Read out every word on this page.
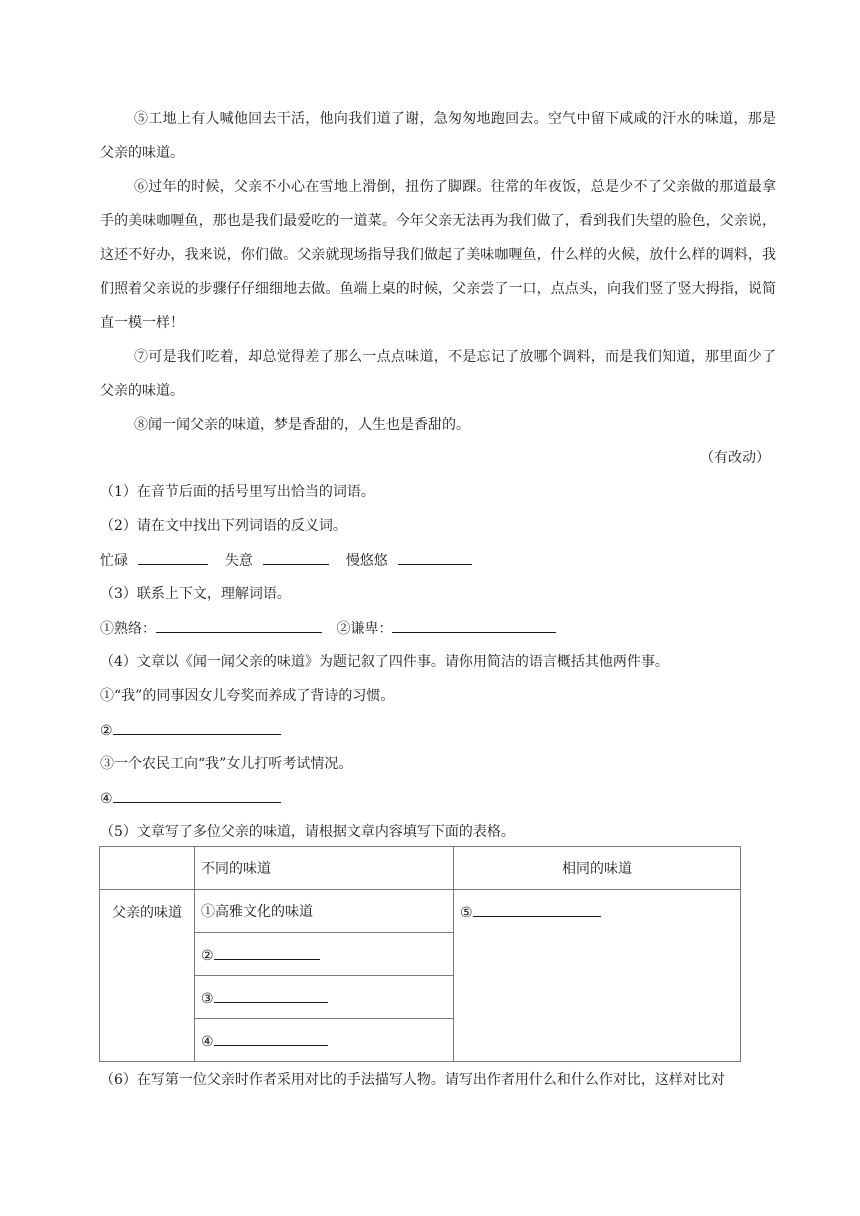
⑤工地上有人喊他回去干活，他向我们道了谢，急匆匆地跑回去。空气中留下咸咸的汗水的味道，那是父亲的味道。
⑥过年的时候，父亲不小心在雪地上滑倒，扭伤了脚踝。往常的年夜饭，总是少不了父亲做的那道最拿手的美味咖喱鱼，那也是我们最爱吃的一道菜。今年父亲无法再为我们做了，看到我们失望的脸色，父亲说，这还不好办，我来说，你们做。父亲就现场指导我们做起了美味咖喱鱼，什么样的火候，放什么样的调料，我们照着父亲说的步骤仔仔细细地去做。鱼端上桌的时候，父亲尝了一口，点点头，向我们竖了竖大拇指，说简直一模一样！
⑦可是我们吃着，却总觉得差了那么一点点味道，不是忘记了放哪个调料，而是我们知道，那里面少了父亲的味道。
⑧闻一闻父亲的味道，梦是香甜的，人生也是香甜的。
（有改动）
（1）在音节后面的括号里写出恰当的词语。
（2）请在文中找出下列词语的反义词。
忙碌	失意	慢悠悠
（3）联系上下文，理解词语。
①熟络：	②谦卑：
（4）文章以《闻一闻父亲的味道》为题记叙了四件事。请你用简洁的语言概括其他两件事。
①“我”的同事因女儿夸奖而养成了背诗的习惯。
②
③一个农民工向“我”女儿打听考试情况。
④
（5）文章写了多位父亲的味道，请根据文章内容填写下面的表格。
	不同的味道	相同的味道
父亲的味道	①高雅文化的味道	⑤
	②	
	③	
	④	
（6）在写第一位父亲时作者采用对比的手法描写人物。请写出作者用什么和什么作对比，这样对比对
